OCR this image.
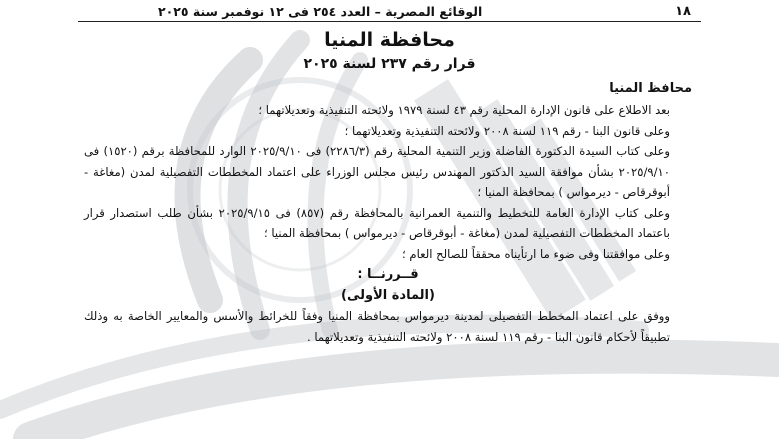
١٨
الوقائع المصرية – العدد ٢٥٤ فى ١٢ نوفمبر سنة ٢٠٢٥
محافظة المنيا
قرار رقم ٢٣٧ لسنة ٢٠٢٥

محافظ المنيا

بعد الاطلاع على قانون الإدارة المحلية رقم ٤٣ لسنة ١٩٧٩ ولائحته التنفيذية وتعديلاتهما ؛

وعلى قانون البنا - رقم ١١٩ لسنة ٢٠٠٨ ولائحته التنفيذية وتعديلاتهما ؛

وعلى كتاب السيدة الدكتورة الفاضلة وزير التنمية المحلية رقم (٢٢٨٦/٣) فى ٢٠٢٥/٩/١٠ الوارد للمحافظة برقم (١٥٢٠) فى ٢٠٢٥/٩/١٠ بشأن موافقة السيد الدكتور المهندس رئيس مجلس الوزراء على اعتماد المخططات التفصيلية لمدن (مغاغة - أبوقرقاص - ديرمواس ) بمحافظة المنيا ؛

وعلى كتاب الإدارة العامة للتخطيط والتنمية العمرانية بالمحافظة رقم (٨٥٧) فى ٢٠٢٥/٩/١٥ بشأن طلب استصدار قرار باعتماد المخططات التفصيلية لمدن (مغاغة - أبوقرقاص - ديرمواس ) بمحافظة المنيا ؛

وعلى موافقتنا وفى ضوء ما ارتأيناه محققاً للصالح العام ؛

قــررنــا :

(المادة الأولى)

ووفق على اعتماد المخطط التفصيلى لمدينة ديرمواس بمحافظة المنيا وفقاً للخرائط والأسس والمعايير الخاصة به وذلك تطبيقاً لأحكام قانون البنا - رقم ١١٩ لسنة ٢٠٠٨ ولائحته التنفيذية وتعديلاتهما .
